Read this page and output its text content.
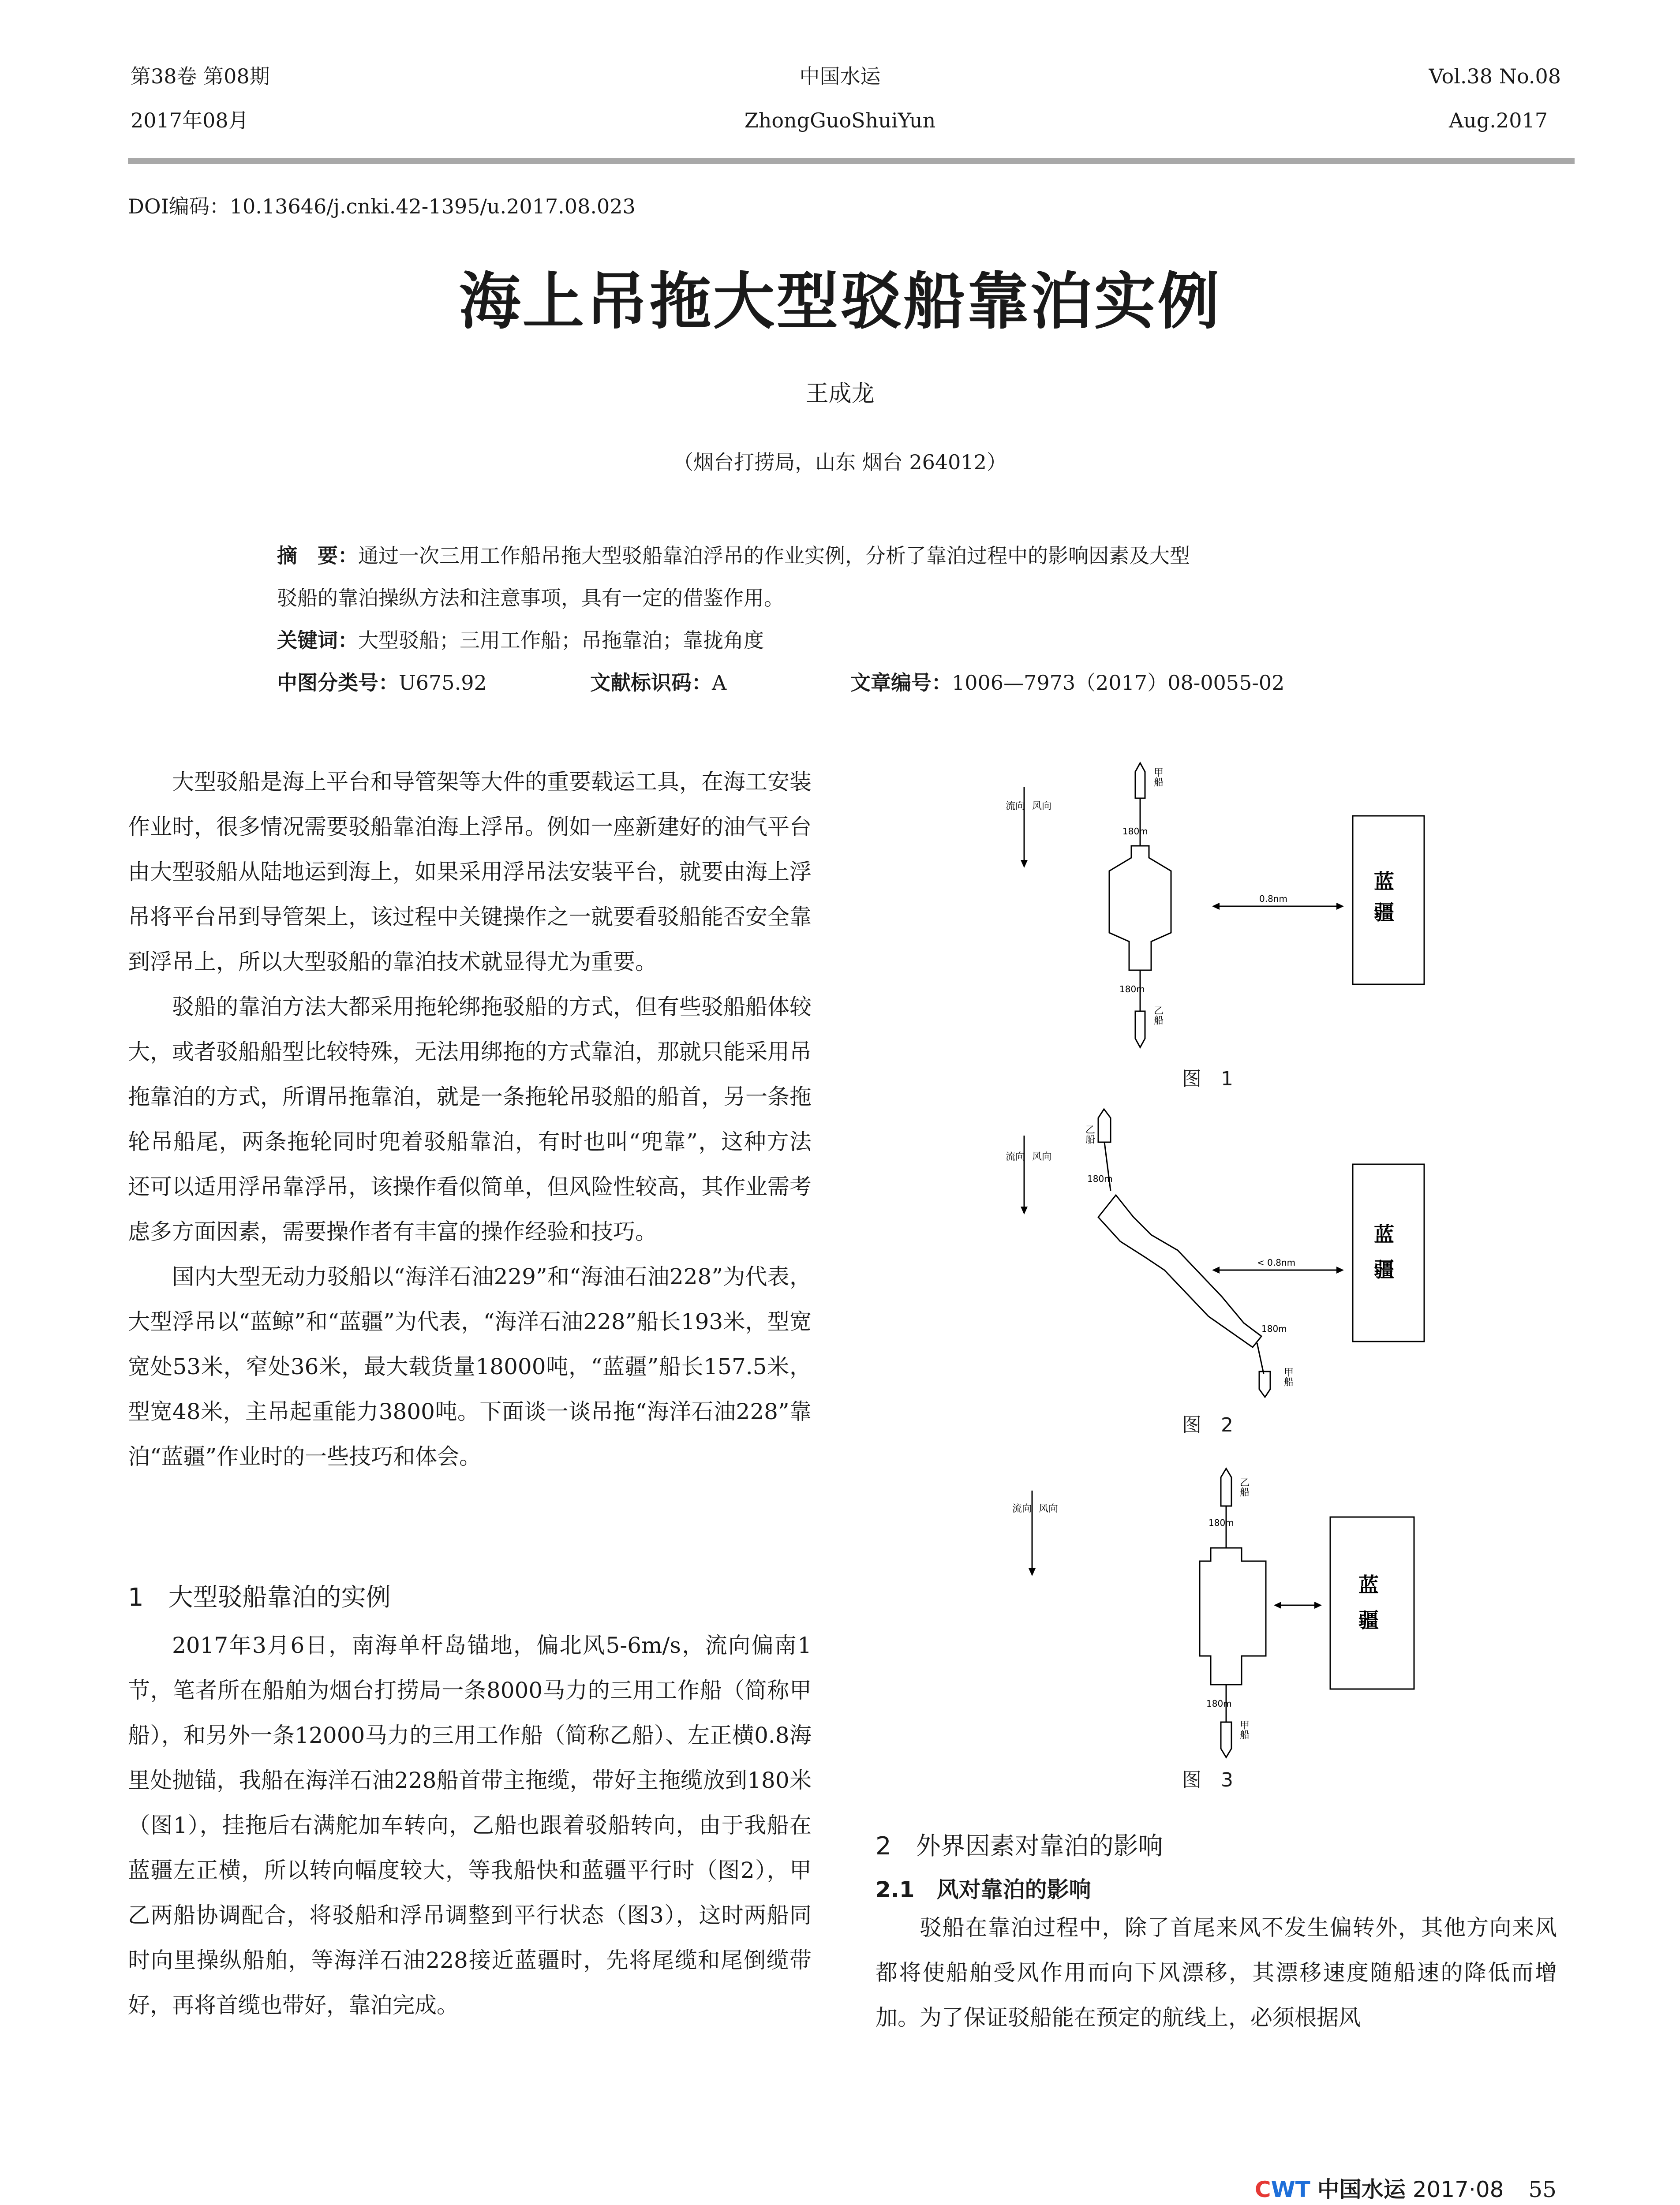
第38卷 第08期
2017年08月
中国水运
ZhongGuoShuiYun
Vol.38 No.08
Aug.2017
DOI编码：10.13646/j.cnki.42-1395/u.2017.08.023
海上吊拖大型驳船靠泊实例
王成龙
（烟台打捞局，山东 烟台 264012）
摘　要：通过一次三用工作船吊拖大型驳船靠泊浮吊的作业实例，分析了靠泊过程中的影响因素及大型
驳船的靠泊操纵方法和注意事项，具有一定的借鉴作用。
关键词：大型驳船；三用工作船；吊拖靠泊；靠拢角度
中图分类号：U675.92	文献标识码：A	文章编号：1006—7973（2017）08-0055-02

大型驳船是海上平台和导管架等大件的重要载运工具，在海工安装作业时，很多情况需要驳船靠泊海上浮吊。例如一座新建好的油气平台由大型驳船从陆地运到海上，如果采用浮吊法安装平台，就要由海上浮吊将平台吊到导管架上，该过程中关键操作之一就要看驳船能否安全靠到浮吊上，所以大型驳船的靠泊技术就显得尤为重要。

驳船的靠泊方法大都采用拖轮绑拖驳船的方式，但有些驳船船体较大，或者驳船船型比较特殊，无法用绑拖的方式靠泊，那就只能采用吊拖靠泊的方式，所谓吊拖靠泊，就是一条拖轮吊驳船的船首，另一条拖轮吊船尾，两条拖轮同时兜着驳船靠泊，有时也叫“兜靠”，这种方法还可以适用浮吊靠浮吊，该操作看似简单，但风险性较高，其作业需考虑多方面因素，需要操作者有丰富的操作经验和技巧。

国内大型无动力驳船以“海洋石油229”和“海油石油228”为代表，大型浮吊以“蓝鲸”和“蓝疆”为代表，“海洋石油228”船长193米，型宽宽处53米，窄处36米，最大载货量18000吨，“蓝疆”船长157.5米，型宽48米，主吊起重能力3800吨。下面谈一谈吊拖“海洋石油228”靠泊“蓝疆”作业时的一些技巧和体会。

1　大型驳船靠泊的实例

2017年3月6日，南海单杆岛锚地，偏北风5-6m/s，流向偏南1节，笔者所在船舶为烟台打捞局一条8000马力的三用工作船（简称甲船），和另外一条12000马力的三用工作船（简称乙船）、左正横0.8海里处抛锚，我船在海洋石油228船首带主拖缆，带好主拖缆放到180米（图1），挂拖后右满舵加车转向，乙船也跟着驳船转向，由于我船在蓝疆左正横，所以转向幅度较大，等我船快和蓝疆平行时（图2），甲乙两船协调配合，将驳船和浮吊调整到平行状态（图3），这时两船同时向里操纵船舶，等海洋石油228接近蓝疆时，先将尾缆和尾倒缆带好，再将首缆也带好，靠泊完成。

流向 风向
甲船
180m
180m
乙船
0.8nm
蓝
疆
图　1
流向 风向
乙船
180m
180m
甲船
< 0.8nm
蓝
疆
图　2
流向 风向
乙船
180m
180m
甲船
蓝
疆
图　3
2　外界因素对靠泊的影响
2.1　风对靠泊的影响

驳船在靠泊过程中，除了首尾来风不发生偏转外，其他方向来风都将使船舶受风作用而向下风漂移，其漂移速度随船速的降低而增加。为了保证驳船能在预定的航线上，必须根据风

CWT 中国水运 2017·08 55
